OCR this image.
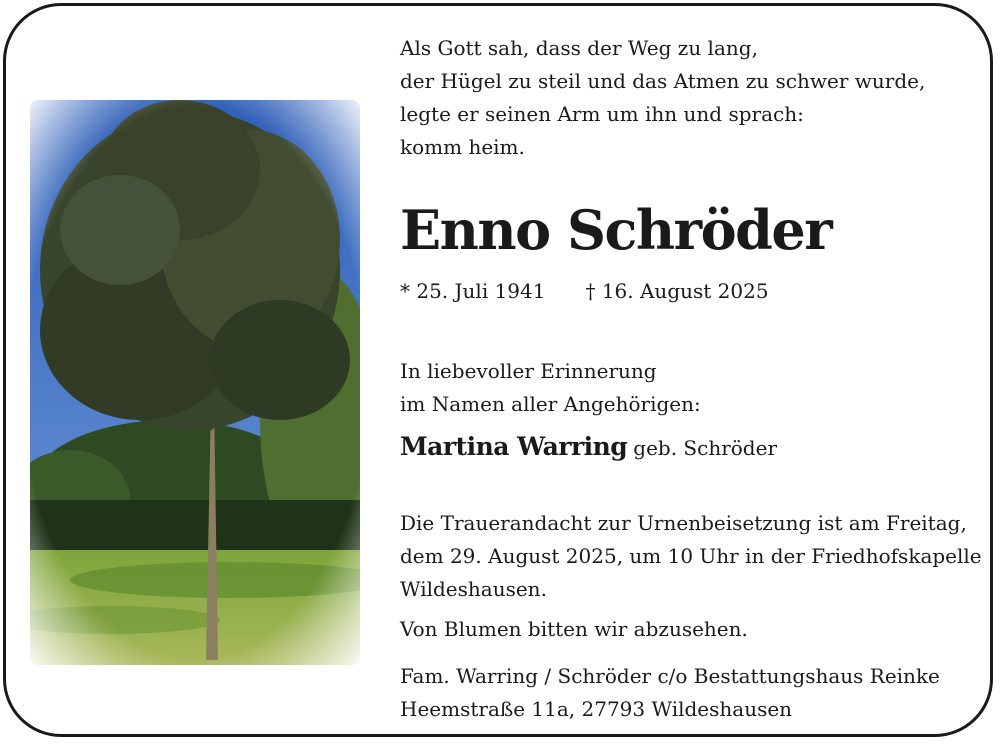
Als Gott sah, dass der Weg zu lang,
der Hügel zu steil und das Atmen zu schwer wurde,
legte er seinen Arm um ihn und sprach:
komm heim.
Enno Schröder
* 25. Juli 1941 † 16. August 2025
In liebevoller Erinnerung
im Namen aller Angehörigen:
Martina Warring geb. Schröder
Die Trauerandacht zur Urnenbeisetzung ist am Freitag,
dem 29. August 2025, um 10 Uhr in der Friedhofskapelle
Wildeshausen.
Von Blumen bitten wir abzusehen.
Fam. Warring / Schröder c/o Bestattungshaus Reinke
Heemstraße 11a, 27793 Wildeshausen
